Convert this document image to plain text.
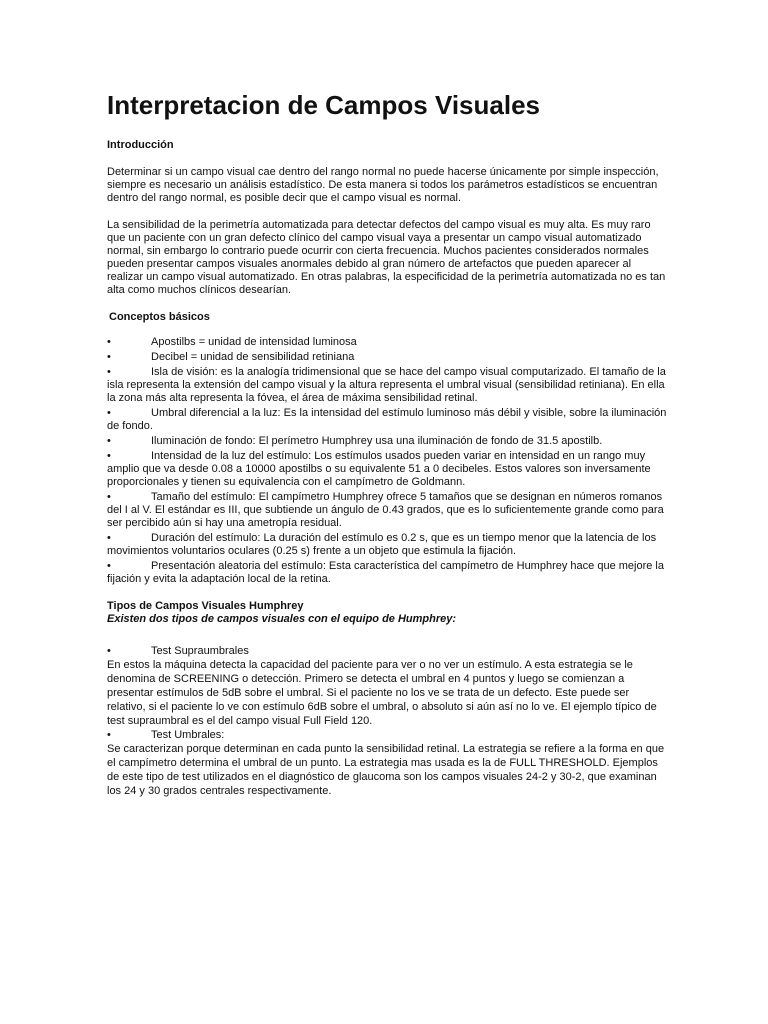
Interpretacion de Campos Visuales
Introducción

Determinar si un campo visual cae dentro del rango normal no puede hacerse únicamente por simple inspección, siempre es necesario un análisis estadístico. De esta manera si todos los parámetros estadísticos se encuentran dentro del rango normal, es posible decir que el campo visual es normal.

La sensibilidad de la perimetría automatizada para detectar defectos del campo visual es muy alta. Es muy raro que un paciente con un gran defecto clínico del campo visual vaya a presentar un campo visual automatizado normal, sin embargo lo contrario puede ocurrir con cierta frecuencia. Muchos pacientes considerados normales pueden presentar campos visuales anormales debido al gran número de artefactos que pueden aparecer al realizar un campo visual automatizado. En otras palabras, la especificidad de la perimetría automatizada no es tan alta como muchos clínicos desearían.

Conceptos básicos
•	Apostilbs = unidad de intensidad luminosa
•	Decibel = unidad de sensibilidad retiniana
•	Isla de visión: es la analogía tridimensional que se hace del campo visual computarizado. El tamaño de la isla representa la extensión del campo visual y la altura representa el umbral visual (sensibilidad retiniana). En ella la zona más alta representa la fóvea, el área de máxima sensibilidad retinal.
•	Umbral diferencial a la luz: Es la intensidad del estímulo luminoso más débil y visible, sobre la iluminación de fondo.
•	Iluminación de fondo: El perímetro Humphrey usa una iluminación de fondo de 31.5 apostilb.
•	Intensidad de la luz del estímulo: Los estímulos usados pueden variar en intensidad en un rango muy amplio que va desde 0.08 a 10000 apostilbs o su equivalente 51 a 0 decibeles. Estos valores son inversamente proporcionales y tienen su equivalencia con el campímetro de Goldmann.
•	Tamaño del estímulo: El campímetro Humphrey ofrece 5 tamaños que se designan en números romanos del I al V. El estándar es III, que subtiende un ángulo de 0.43 grados, que es lo suficientemente grande como para ser percibido aún si hay una ametropía residual.
•	Duración del estímulo: La duración del estímulo es 0.2 s, que es un tiempo menor que la latencia de los movimientos voluntarios oculares (0.25 s) frente a un objeto que estimula la fijación.
•	Presentación aleatoria del estímulo: Esta característica del campímetro de Humphrey hace que mejore la fijación y evita la adaptación local de la retina.
Tipos de Campos Visuales Humphrey
Existen dos tipos de campos visuales con el equipo de Humphrey:
•	Test Supraumbrales

En estos la máquina detecta la capacidad del paciente para ver o no ver un estímulo. A esta estrategia se le denomina de SCREENING o detección. Primero se detecta el umbral en 4 puntos y luego se comienzan a presentar estímulos de 5dB sobre el umbral. Si el paciente no los ve se trata de un defecto. Este puede ser relativo, si el paciente lo ve con estímulo 6dB sobre el umbral, o absoluto si aún así no lo ve. El ejemplo típico de test supraumbral es el del campo visual Full Field 120.

•	Test Umbrales:

Se caracterizan porque determinan en cada punto la sensibilidad retinal. La estrategia se refiere a la forma en que el campímetro determina el umbral de un punto. La estrategia mas usada es la de FULL THRESHOLD. Ejemplos de este tipo de test utilizados en el diagnóstico de glaucoma son los campos visuales 24-2 y 30-2, que examinan los 24 y 30 grados centrales respectivamente.
